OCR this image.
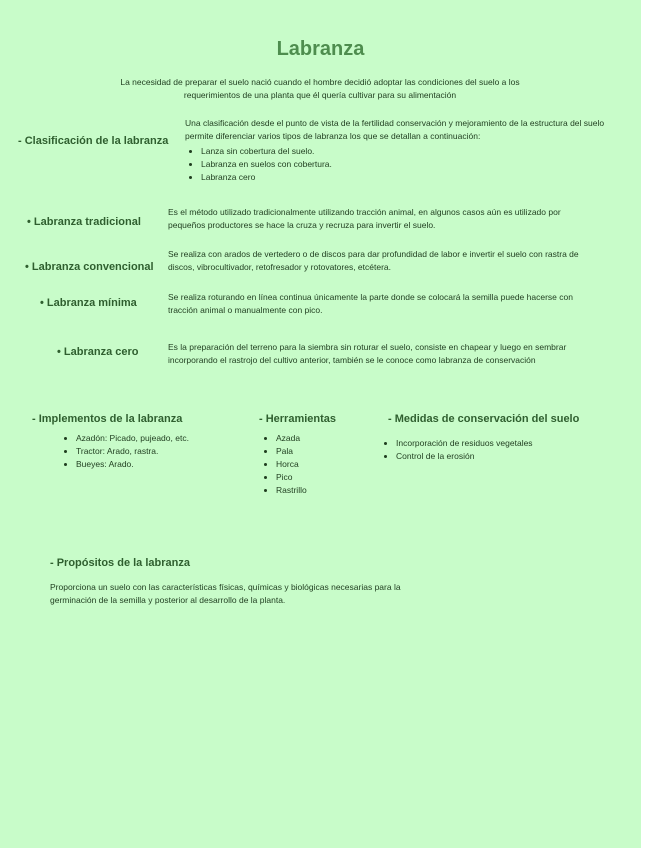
Labranza
La necesidad de preparar el suelo nació cuando el hombre decidió adoptar las condiciones del suelo a los requerimientos de una planta que él quería cultivar para su alimentación
- Clasificación de la labranza
Una clasificación desde el punto de vista de la fertilidad conservación y mejoramiento de la estructura del suelo permite diferenciar varios tipos de labranza los que se detallan a continuación:
• Lanza sin cobertura del suelo.
• Labranza en suelos con cobertura.
• Labranza cero
• Labranza tradicional
Es el método utilizado tradicionalmente utilizando tracción animal, en algunos casos aún es utilizado por pequeños productores se hace la cruza y recruza para invertir el suelo.
• Labranza convencional
Se realiza con arados de vertedero o de discos para dar profundidad de labor e invertir el suelo con rastra de discos, vibrocultivador, retofresador y rotovatores, etcétera.
• Labranza mínima	Se realiza roturando en línea continua únicamente la parte donde se colocará la semilla puede hacerse con tracción animal o manualmente con pico.
• Labranza cero	Es la preparación del terreno para la siembra sin roturar el suelo, consiste en chapear y luego en sembrar incorporando el rastrojo del cultivo anterior, también se le conoce como labranza de conservación
- Implementos de la labranza
• Azadón: Picado, pujeado, etc.
• Tractor: Arado, rastra.
• Bueyes: Arado.
- Herramientas
• Azada
• Pala
• Horca
• Pico
• Rastrillo
- Medidas de conservación del suelo
• Incorporación de residuos vegetales
• Control de la erosión
- Propósitos de la labranza
Proporciona un suelo con las características físicas, químicas y biológicas necesarias para la germinación de la semilla y posterior al desarrollo de la planta.
